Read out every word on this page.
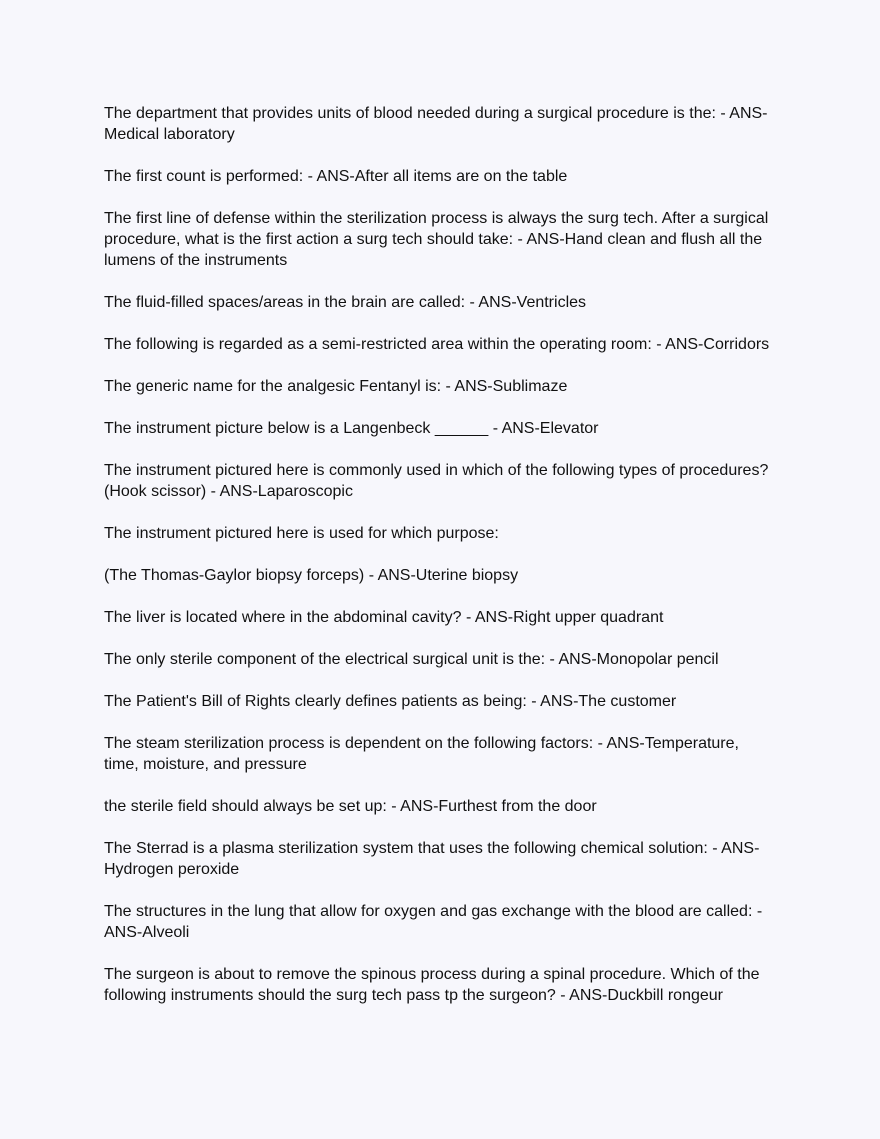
The department that provides units of blood needed during a surgical procedure is the: - ANS-Medical laboratory

The first count is performed: - ANS-After all items are on the table

The first line of defense within the sterilization process is always the surg tech. After a surgical procedure, what is the first action a surg tech should take: - ANS-Hand clean and flush all the lumens of the instruments

The fluid-filled spaces/areas in the brain are called: - ANS-Ventricles

The following is regarded as a semi-restricted area within the operating room: - ANS-Corridors

The generic name for the analgesic Fentanyl is: - ANS-Sublimaze

The instrument picture below is a Langenbeck ______ - ANS-Elevator

The instrument pictured here is commonly used in which of the following types of procedures? (Hook scissor) - ANS-Laparoscopic

The instrument pictured here is used for which purpose:

(The Thomas-Gaylor biopsy forceps) - ANS-Uterine biopsy

The liver is located where in the abdominal cavity? - ANS-Right upper quadrant

The only sterile component of the electrical surgical unit is the: - ANS-Monopolar pencil

The Patient's Bill of Rights clearly defines patients as being: - ANS-The customer

The steam sterilization process is dependent on the following factors: - ANS-Temperature, time, moisture, and pressure

the sterile field should always be set up: - ANS-Furthest from the door

The Sterrad is a plasma sterilization system that uses the following chemical solution: - ANS-Hydrogen peroxide

The structures in the lung that allow for oxygen and gas exchange with the blood are called: - ANS-Alveoli

The surgeon is about to remove the spinous process during a spinal procedure. Which of the following instruments should the surg tech pass tp the surgeon? - ANS-Duckbill rongeur
